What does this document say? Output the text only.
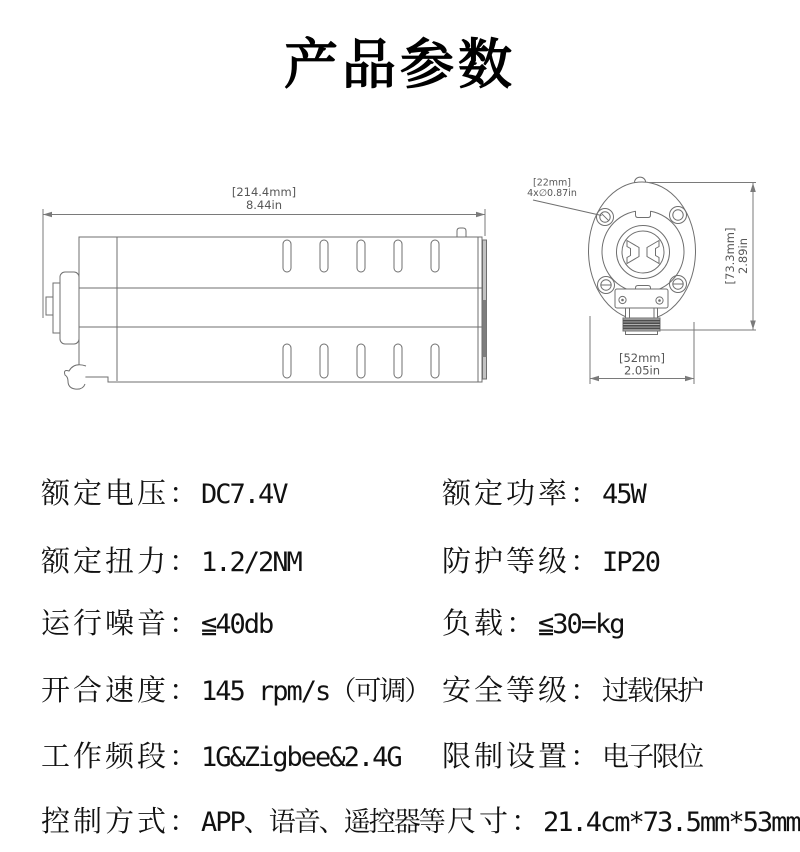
产品参数
[214.4mm]
8.44in
[22mm]
4x∅0.87in
[73.3mm] 2.89in
[52mm]
2.05in
额定电压：DC7.4V	额定功率：45W
额定扭力：1.2/2NM	防护等级：IP20
运行噪音：≦40db	负载：≦30=kg
开合速度：145 rpm/s（可调） 安全等级：过载保护
工作频段：1G&Zigbee&2.4G 限制设置：电子限位
控制方式：APP、语音、遥控器等 尺寸：21.4cm*73.5mm*53mm
